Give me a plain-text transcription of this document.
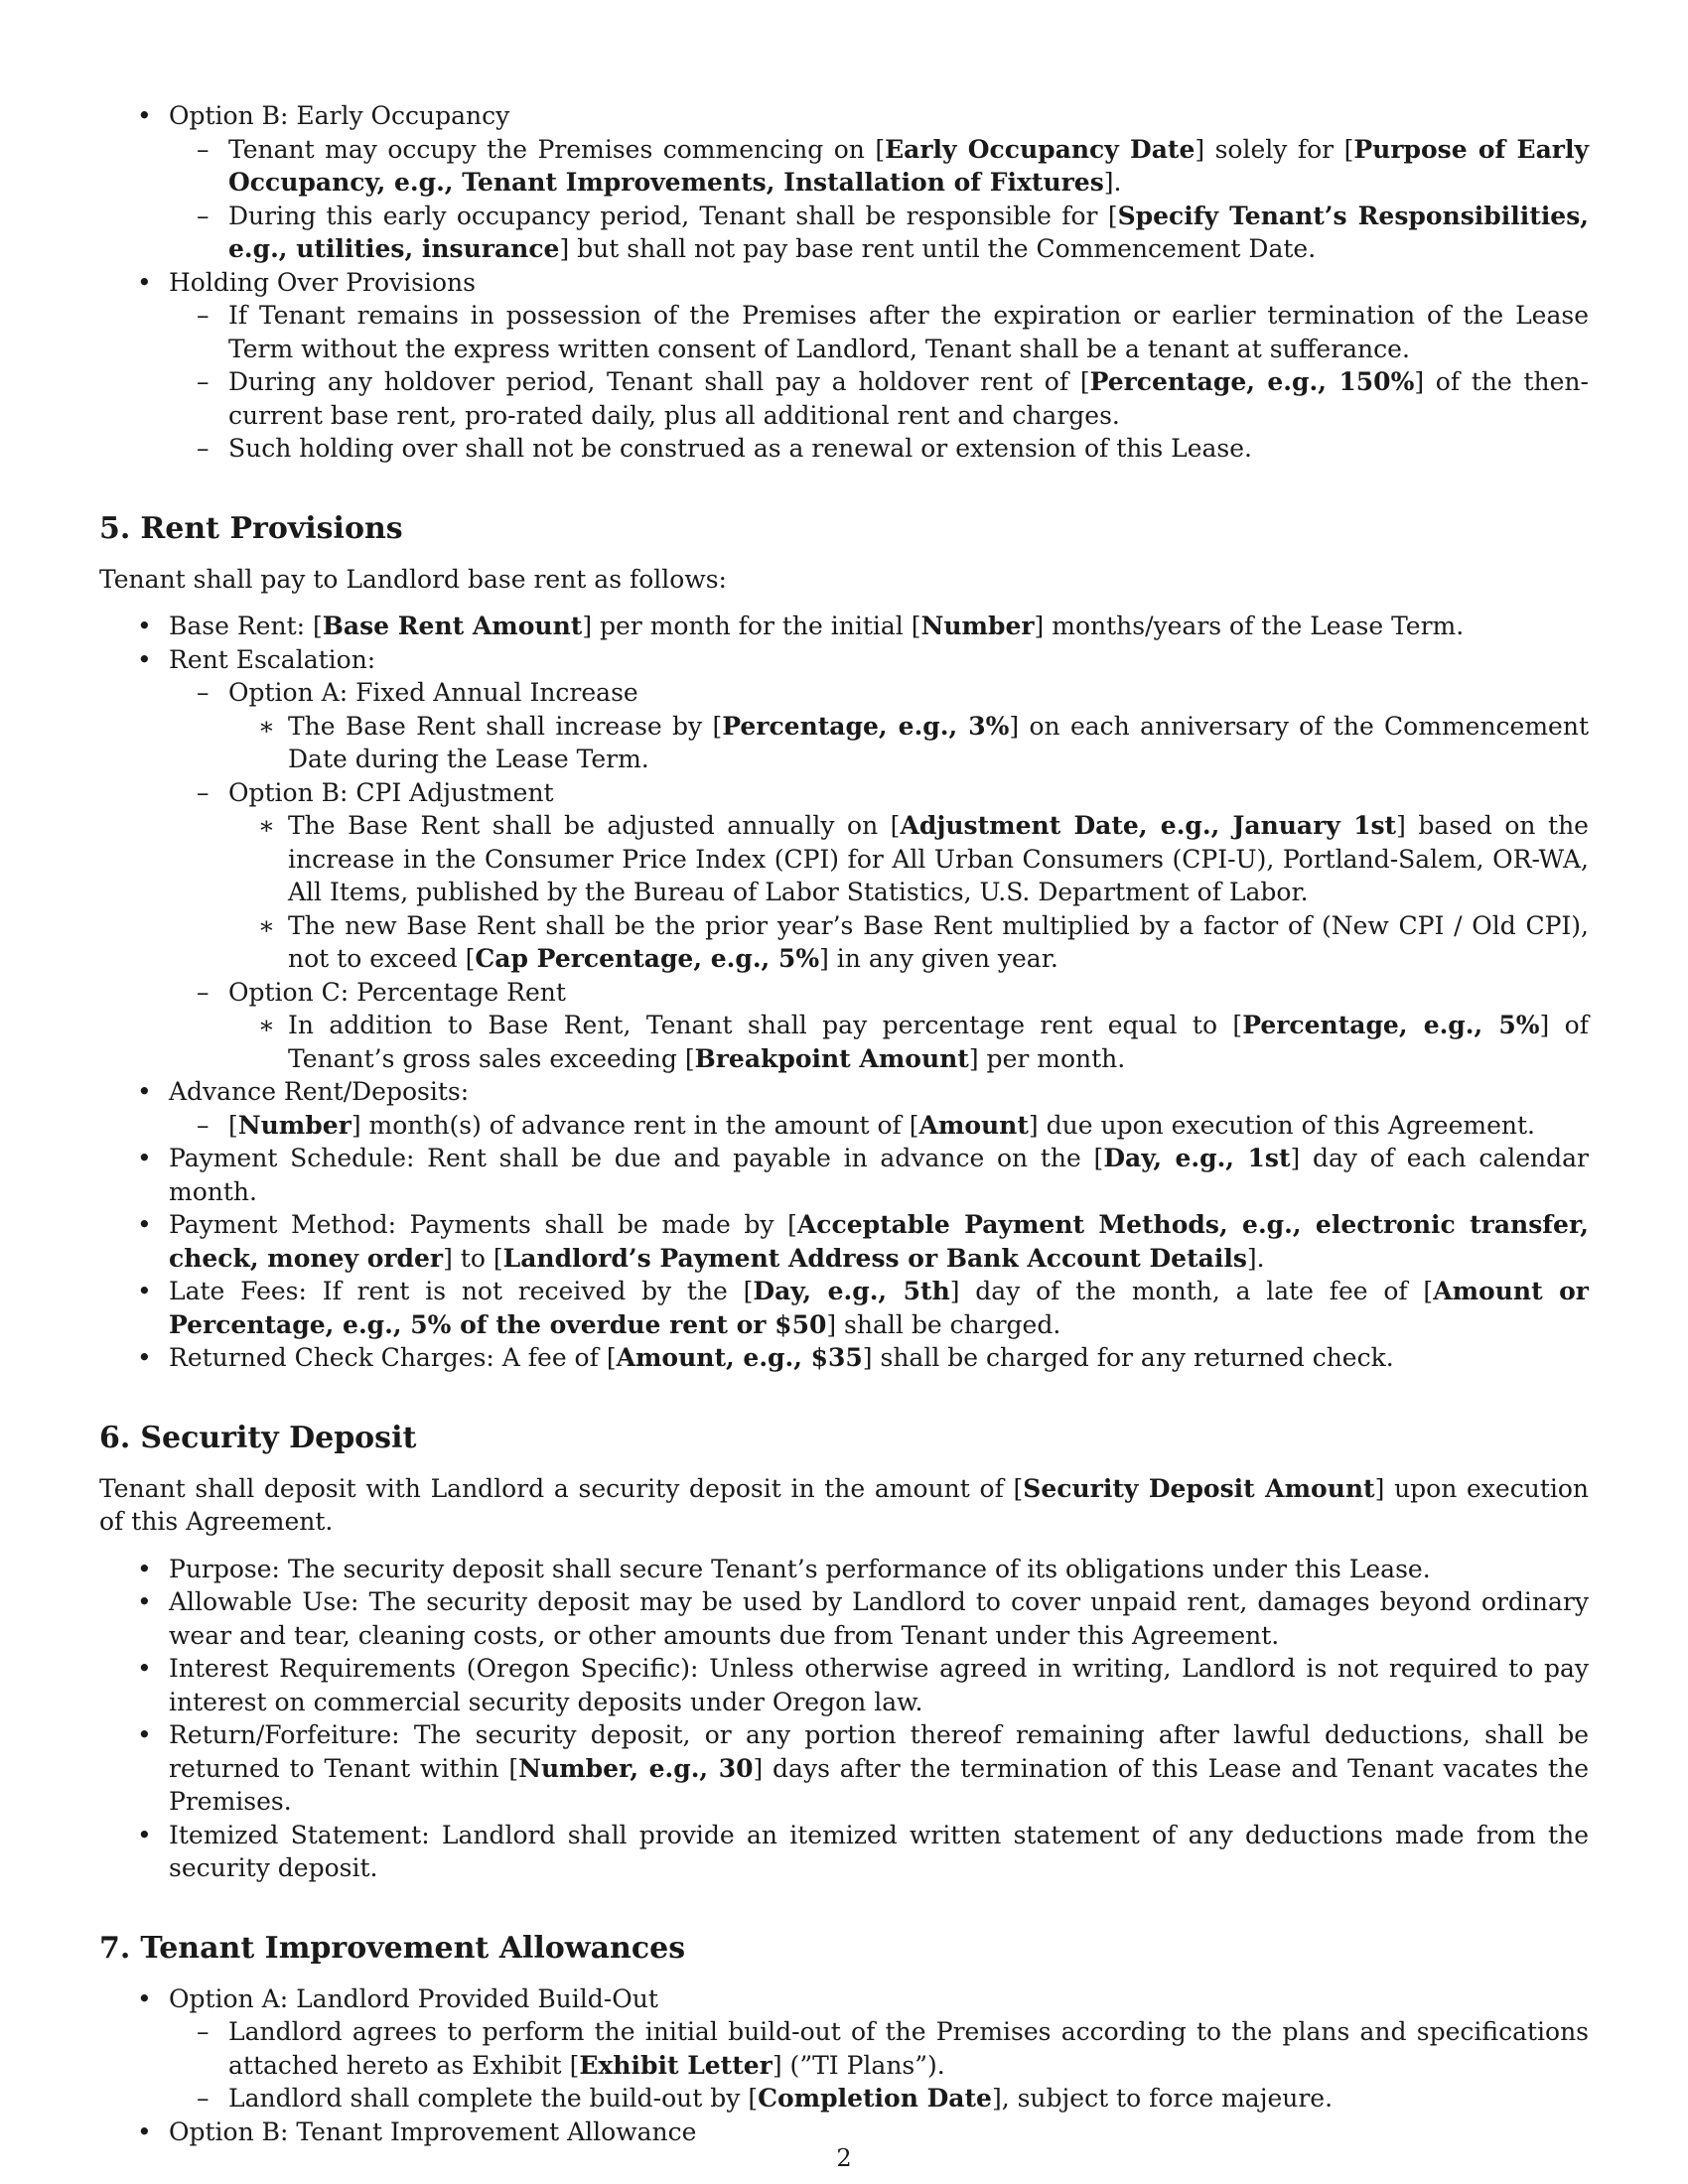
• Option B: Early Occupancy
– Tenant may occupy the Premises commencing on [Early Occupancy Date] solely for [Purpose of Early Occupancy, e.g., Tenant Improvements, Installation of Fixtures].
– During this early occupancy period, Tenant shall be responsible for [Specify Tenant’s Responsibilities, e.g., utilities, insurance] but shall not pay base rent until the Commencement Date.
• Holding Over Provisions
– If Tenant remains in possession of the Premises after the expiration or earlier termination of the Lease Term without the express written consent of Landlord, Tenant shall be a tenant at sufferance.
– During any holdover period, Tenant shall pay a holdover rent of [Percentage, e.g., 150%] of the then-current base rent, pro-rated daily, plus all additional rent and charges.
– Such holding over shall not be construed as a renewal or extension of this Lease.
5. Rent Provisions

Tenant shall pay to Landlord base rent as follows:

• Base Rent: [Base Rent Amount] per month for the initial [Number] months/years of the Lease Term.
• Rent Escalation:
– Option A: Fixed Annual Increase
∗ The Base Rent shall increase by [Percentage, e.g., 3%] on each anniversary of the Commencement Date during the Lease Term.
– Option B: CPI Adjustment
∗ The Base Rent shall be adjusted annually on [Adjustment Date, e.g., January 1st] based on the increase in the Consumer Price Index (CPI) for All Urban Consumers (CPI-U), Portland-Salem, OR-WA, All Items, published by the Bureau of Labor Statistics, U.S. Department of Labor.
∗ The new Base Rent shall be the prior year’s Base Rent multiplied by a factor of (New CPI / Old CPI), not to exceed [Cap Percentage, e.g., 5%] in any given year.
– Option C: Percentage Rent
∗ In addition to Base Rent, Tenant shall pay percentage rent equal to [Percentage, e.g., 5%] of Tenant’s gross sales exceeding [Breakpoint Amount] per month.
• Advance Rent/Deposits:
– [Number] month(s) of advance rent in the amount of [Amount] due upon execution of this Agreement.
• Payment Schedule: Rent shall be due and payable in advance on the [Day, e.g., 1st] day of each calendar month.
• Payment Method: Payments shall be made by [Acceptable Payment Methods, e.g., electronic transfer, check, money order] to [Landlord’s Payment Address or Bank Account Details].
• Late Fees: If rent is not received by the [Day, e.g., 5th] day of the month, a late fee of [Amount or Percentage, e.g., 5% of the overdue rent or $50] shall be charged.
• Returned Check Charges: A fee of [Amount, e.g., $35] shall be charged for any returned check.
6. Security Deposit

Tenant shall deposit with Landlord a security deposit in the amount of [Security Deposit Amount] upon execution of this Agreement.

• Purpose: The security deposit shall secure Tenant’s performance of its obligations under this Lease.
• Allowable Use: The security deposit may be used by Landlord to cover unpaid rent, damages beyond ordinary wear and tear, cleaning costs, or other amounts due from Tenant under this Agreement.
• Interest Requirements (Oregon Specific): Unless otherwise agreed in writing, Landlord is not required to pay interest on commercial security deposits under Oregon law.
• Return/Forfeiture: The security deposit, or any portion thereof remaining after lawful deductions, shall be returned to Tenant within [Number, e.g., 30] days after the termination of this Lease and Tenant vacates the Premises.
• Itemized Statement: Landlord shall provide an itemized written statement of any deductions made from the security deposit.
7. Tenant Improvement Allowances
• Option A: Landlord Provided Build-Out
– Landlord agrees to perform the initial build-out of the Premises according to the plans and specifications attached hereto as Exhibit [Exhibit Letter] (”TI Plans”).
– Landlord shall complete the build-out by [Completion Date], subject to force majeure.
• Option B: Tenant Improvement Allowance
2
